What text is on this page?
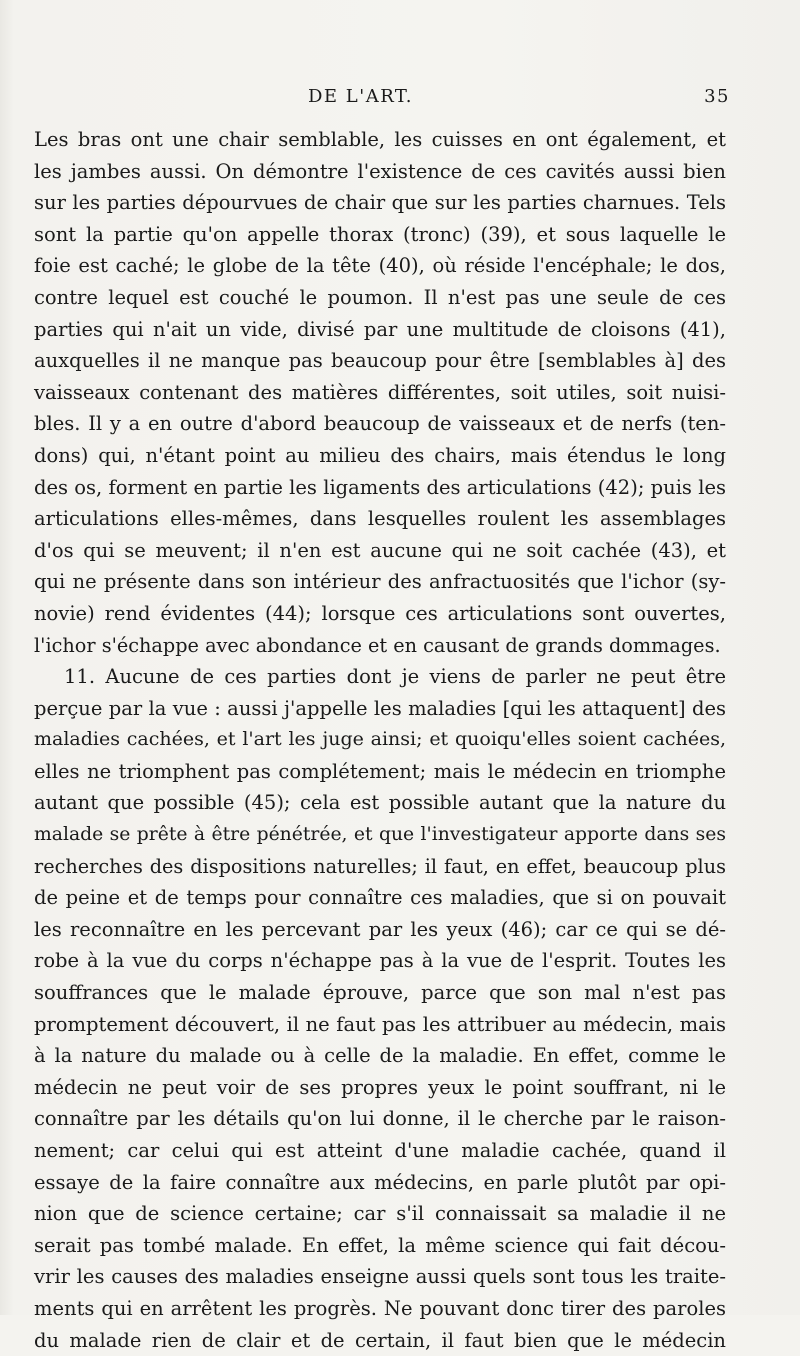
DE L'ART.	35
Les bras ont une chair semblable, les cuisses en ont également, et
les jambes aussi. On démontre l'existence de ces cavités aussi bien
sur les parties dépourvues de chair que sur les parties charnues. Tels
sont la partie qu'on appelle thorax (tronc) (39), et sous laquelle le
foie est caché; le globe de la tête (40), où réside l'encéphale; le dos,
contre lequel est couché le poumon. Il n'est pas une seule de ces
parties qui n'ait un vide, divisé par une multitude de cloisons (41),
auxquelles il ne manque pas beaucoup pour être [semblables à] des
vaisseaux contenant des matières différentes, soit utiles, soit nuisi-
bles. Il y a en outre d'abord beaucoup de vaisseaux et de nerfs (ten-
dons) qui, n'étant point au milieu des chairs, mais étendus le long
des os, forment en partie les ligaments des articulations (42); puis les
articulations elles-mêmes, dans lesquelles roulent les assemblages
d'os qui se meuvent; il n'en est aucune qui ne soit cachée (43), et
qui ne présente dans son intérieur des anfractuosités que l'ichor (sy-
novie) rend évidentes (44); lorsque ces articulations sont ouvertes,
l'ichor s'échappe avec abondance et en causant de grands dommages.
11. Aucune de ces parties dont je viens de parler ne peut être
perçue par la vue : aussi j'appelle les maladies [qui les attaquent] des
maladies cachées, et l'art les juge ainsi; et quoiqu'elles soient cachées,
elles ne triomphent pas complétement; mais le médecin en triomphe
autant que possible (45); cela est possible autant que la nature du
malade se prête à être pénétrée, et que l'investigateur apporte dans ses
recherches des dispositions naturelles; il faut, en effet, beaucoup plus
de peine et de temps pour connaître ces maladies, que si on pouvait
les reconnaître en les percevant par les yeux (46); car ce qui se dé-
robe à la vue du corps n'échappe pas à la vue de l'esprit. Toutes les
souffrances que le malade éprouve, parce que son mal n'est pas
promptement découvert, il ne faut pas les attribuer au médecin, mais
à la nature du malade ou à celle de la maladie. En effet, comme le
médecin ne peut voir de ses propres yeux le point souffrant, ni le
connaître par les détails qu'on lui donne, il le cherche par le raison-
nement; car celui qui est atteint d'une maladie cachée, quand il
essaye de la faire connaître aux médecins, en parle plutôt par opi-
nion que de science certaine; car s'il connaissait sa maladie il ne
serait pas tombé malade. En effet, la même science qui fait décou-
vrir les causes des maladies enseigne aussi quels sont tous les traite-
ments qui en arrêtent les progrès. Ne pouvant donc tirer des paroles
du malade rien de clair et de certain, il faut bien que le médecin
